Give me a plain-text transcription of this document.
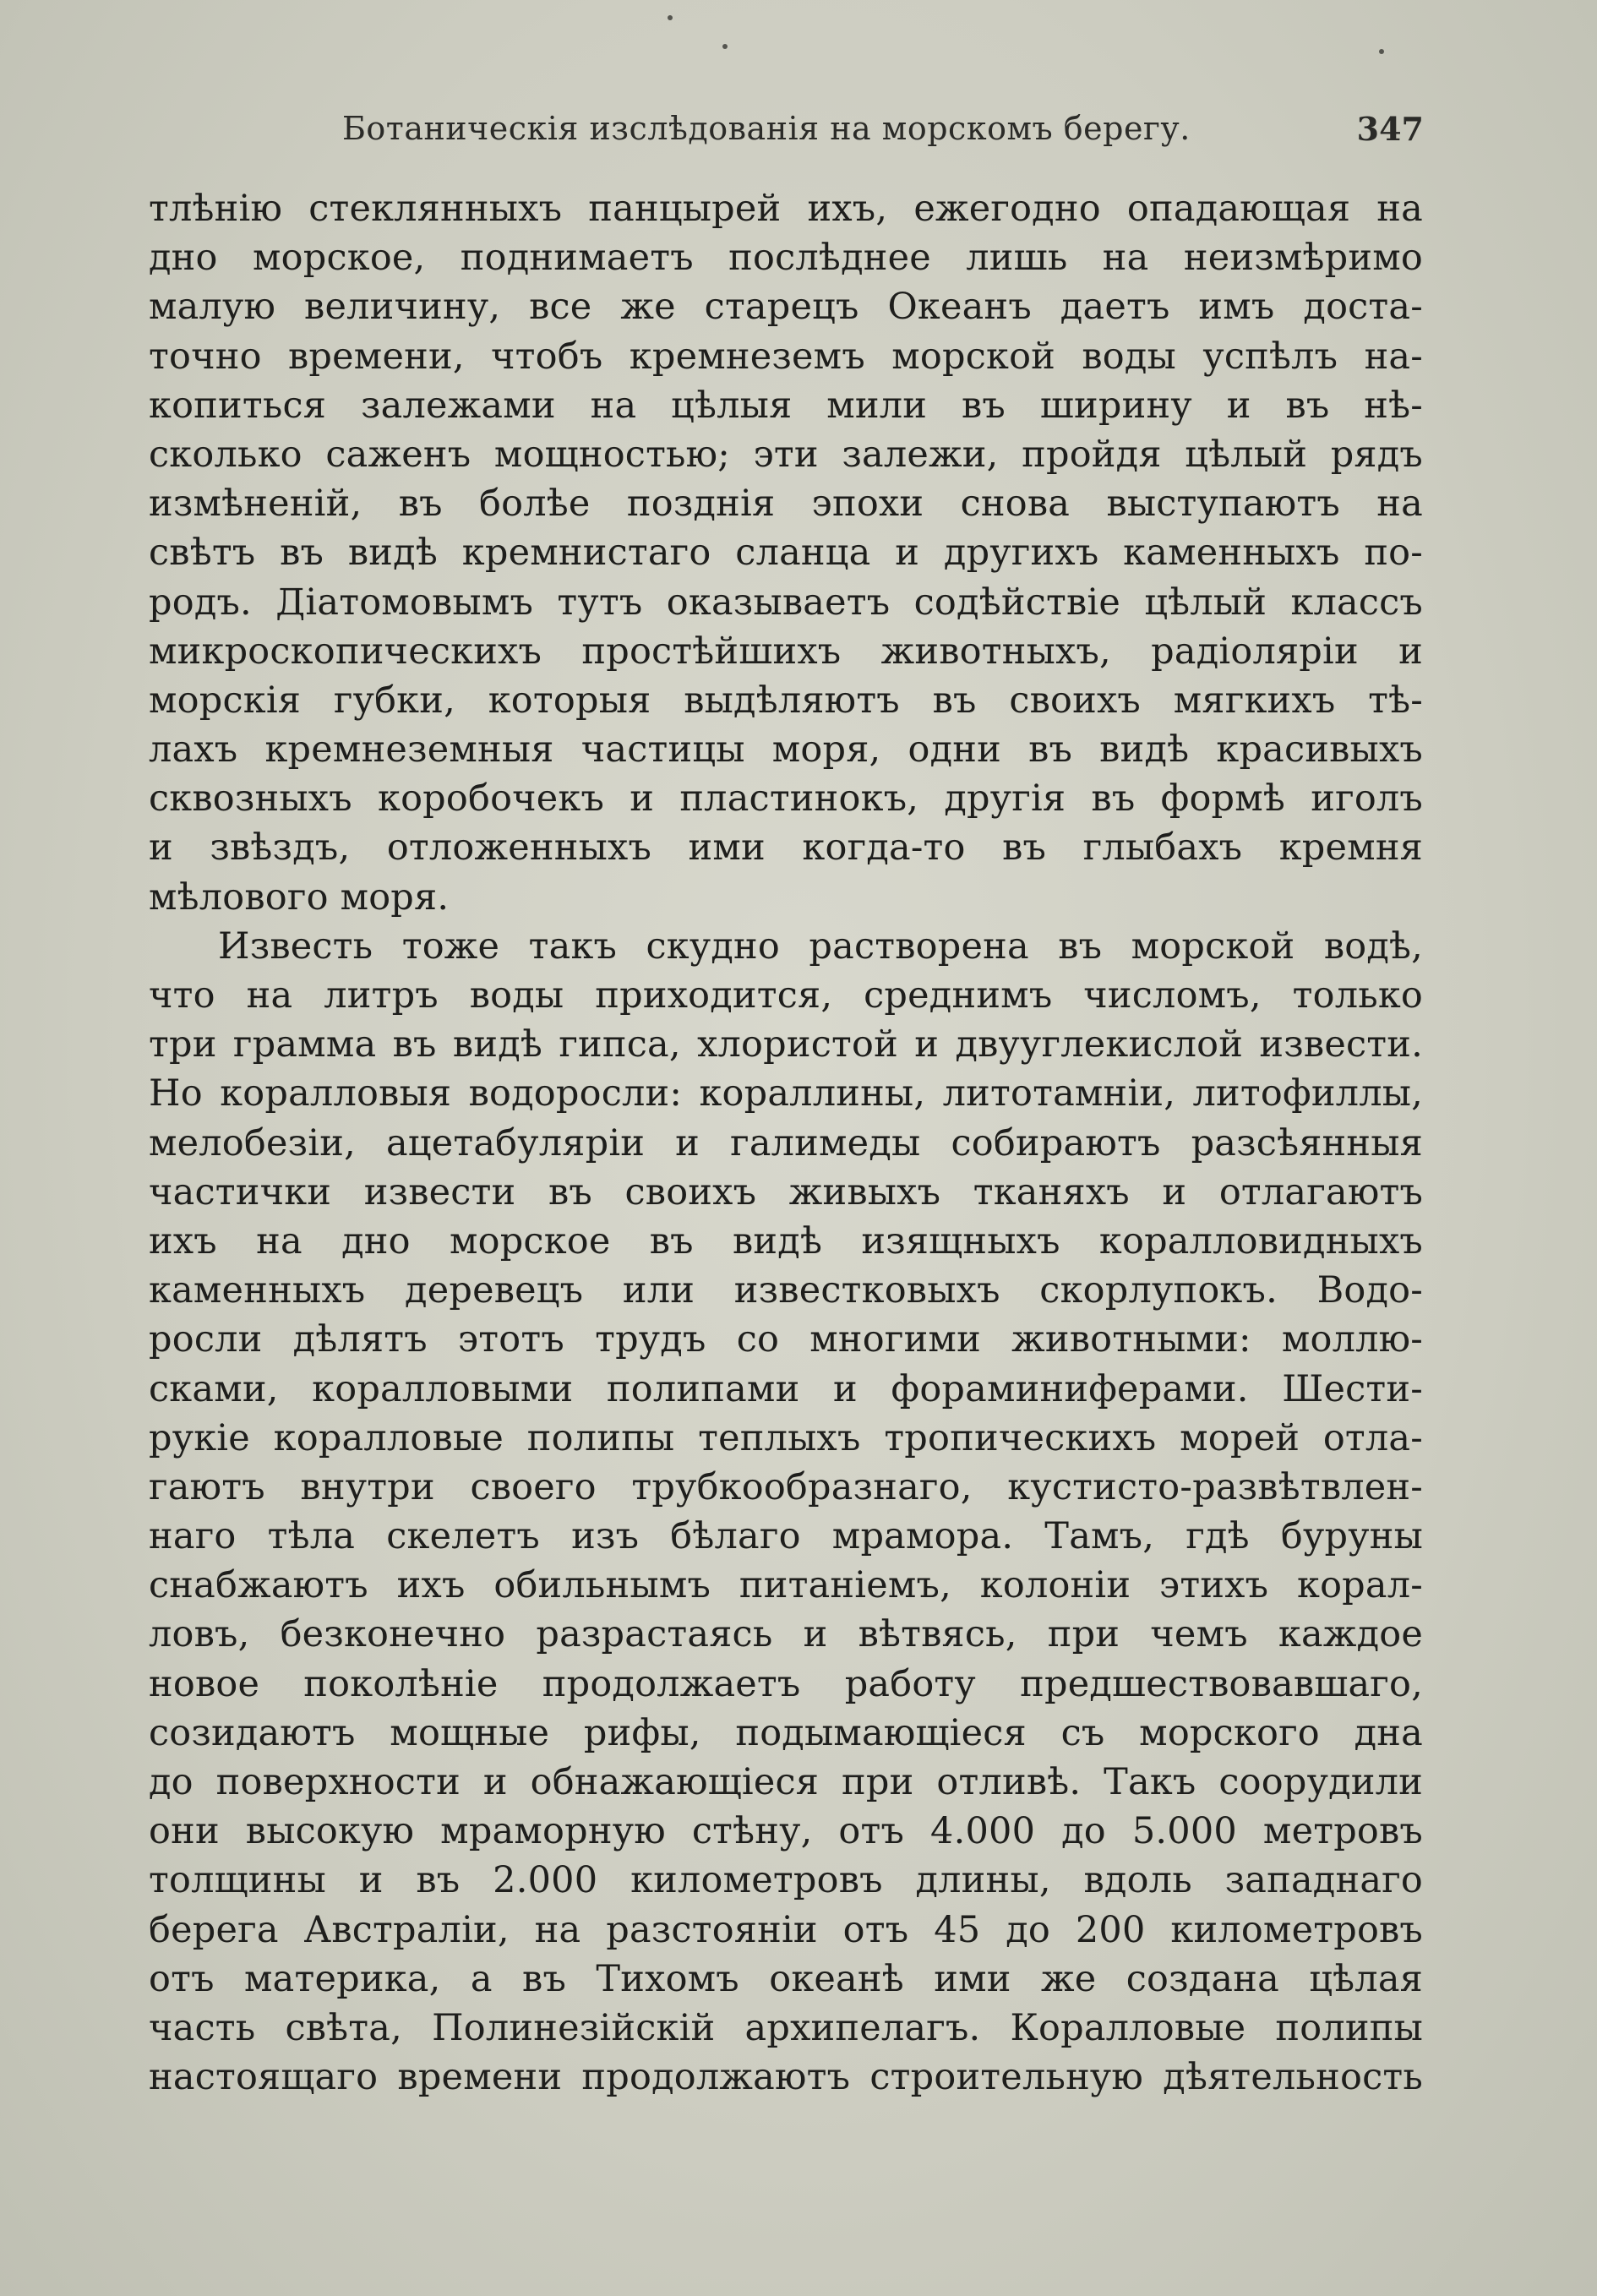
Ботаническія изслѣдованія на морскомъ берегу.	347
тлѣнію стеклянныхъ панцырей ихъ, ежегодно опадающая на
дно морское, поднимаетъ послѣднее лишь на неизмѣримо
малую величину, все же старецъ Океанъ даетъ имъ доста-
точно времени, чтобъ кремнеземъ морской воды успѣлъ на-
копиться залежами на цѣлыя мили въ ширину и въ нѣ-
сколько саженъ мощностью; эти залежи, пройдя цѣлый рядъ
измѣненій, въ болѣе позднія эпохи снова выступаютъ на
свѣтъ въ видѣ кремнистаго сланца и другихъ каменныхъ по-
родъ. Діатомовымъ тутъ оказываетъ содѣйствіе цѣлый классъ
микроскопическихъ простѣйшихъ животныхъ, радіоляріи и
морскія губки, которыя выдѣляютъ въ своихъ мягкихъ тѣ-
лахъ кремнеземныя частицы моря, одни въ видѣ красивыхъ
сквозныхъ коробочекъ и пластинокъ, другія въ формѣ иголъ
и звѣздъ, отложенныхъ ими когда-то въ глыбахъ кремня
мѣлового моря.
Известь тоже такъ скудно растворена въ морской водѣ,
что на литръ воды приходится, среднимъ числомъ, только
три грамма въ видѣ гипса, хлористой и двууглекислой извести.
Но коралловыя водоросли: кораллины, литотамніи, литофиллы,
мелобезіи, ацетабуляріи и галимеды собираютъ разсѣянныя
частички извести въ своихъ живыхъ тканяхъ и отлагаютъ
ихъ на дно морское въ видѣ изящныхъ коралловидныхъ
каменныхъ деревецъ или известковыхъ скорлупокъ. Водо-
росли дѣлятъ этотъ трудъ со многими животными: моллю-
сками, коралловыми полипами и фораминиферами. Шести-
рукіе коралловые полипы теплыхъ тропическихъ морей отла-
гаютъ внутри своего трубкообразнаго, кустисто-развѣтвлен-
наго тѣла скелетъ изъ бѣлаго мрамора. Тамъ, гдѣ буруны
снабжаютъ ихъ обильнымъ питаніемъ, колоніи этихъ корал-
ловъ, безконечно разрастаясь и вѣтвясь, при чемъ каждое
новое поколѣніе продолжаетъ работу предшествовавшаго,
созидаютъ мощные рифы, подымающіеся съ морского дна
до поверхности и обнажающіеся при отливѣ. Такъ соорудили
они высокую мраморную стѣну, отъ 4.000 до 5.000 метровъ
толщины и въ 2.000 километровъ длины, вдоль западнаго
берега Австраліи, на разстояніи отъ 45 до 200 километровъ
отъ материка, а въ Тихомъ океанѣ ими же создана цѣлая
часть свѣта, Полинезійскій архипелагъ. Коралловые полипы
настоящаго времени продолжаютъ строительную дѣятельность
